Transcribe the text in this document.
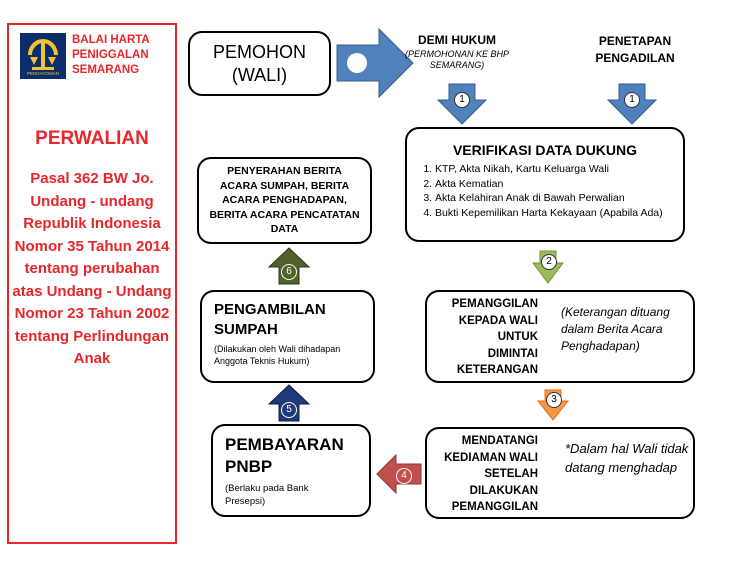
PENGAYOMAN
BALAI HARTA
PENIGGALAN
SEMARANG
PERWALIAN
Pasal 362 BW Jo. Undang - undang Republik Indonesia Nomor 35 Tahun 2014 tentang perubahan atas Undang - Undang Nomor 23 Tahun 2002 tentang Perlindungan Anak
PEMOHON
(WALI)
DEMI HUKUM
(PERMOHONAN KE BHP SEMARANG)
PENETAPAN
PENGADILAN
1	1
VERIFIKASI DATA DUKUNG
1. KTP, Akta Nikah, Kartu Keluarga Wali
2. Akta Kematian
3. Akta Kelahiran Anak di Bawah Perwalian
4. Bukti Kepemilikan Harta Kekayaan (Apabila Ada)
2
PEMANGGILAN
KEPADA WALI
UNTUK
DIMINTAI
KETERANGAN
(Keterangan dituang dalam Berita Acara Penghadapan)
3
MENDATANGI
KEDIAMAN WALI
SETELAH
DILAKUKAN
PEMANGGILAN
*Dalam hal Wali tidak datang menghadap
4
PEMBAYARAN
PNBP
(Berlaku pada Bank Presepsi)
5
PENGAMBILAN
SUMPAH
(Dilakukan oleh Wali dihadapan Anggota Teknis Hukum)
6
PENYERAHAN BERITA ACARA SUMPAH, BERITA ACARA PENGHADAPAN, BERITA ACARA PENCATATAN DATA
